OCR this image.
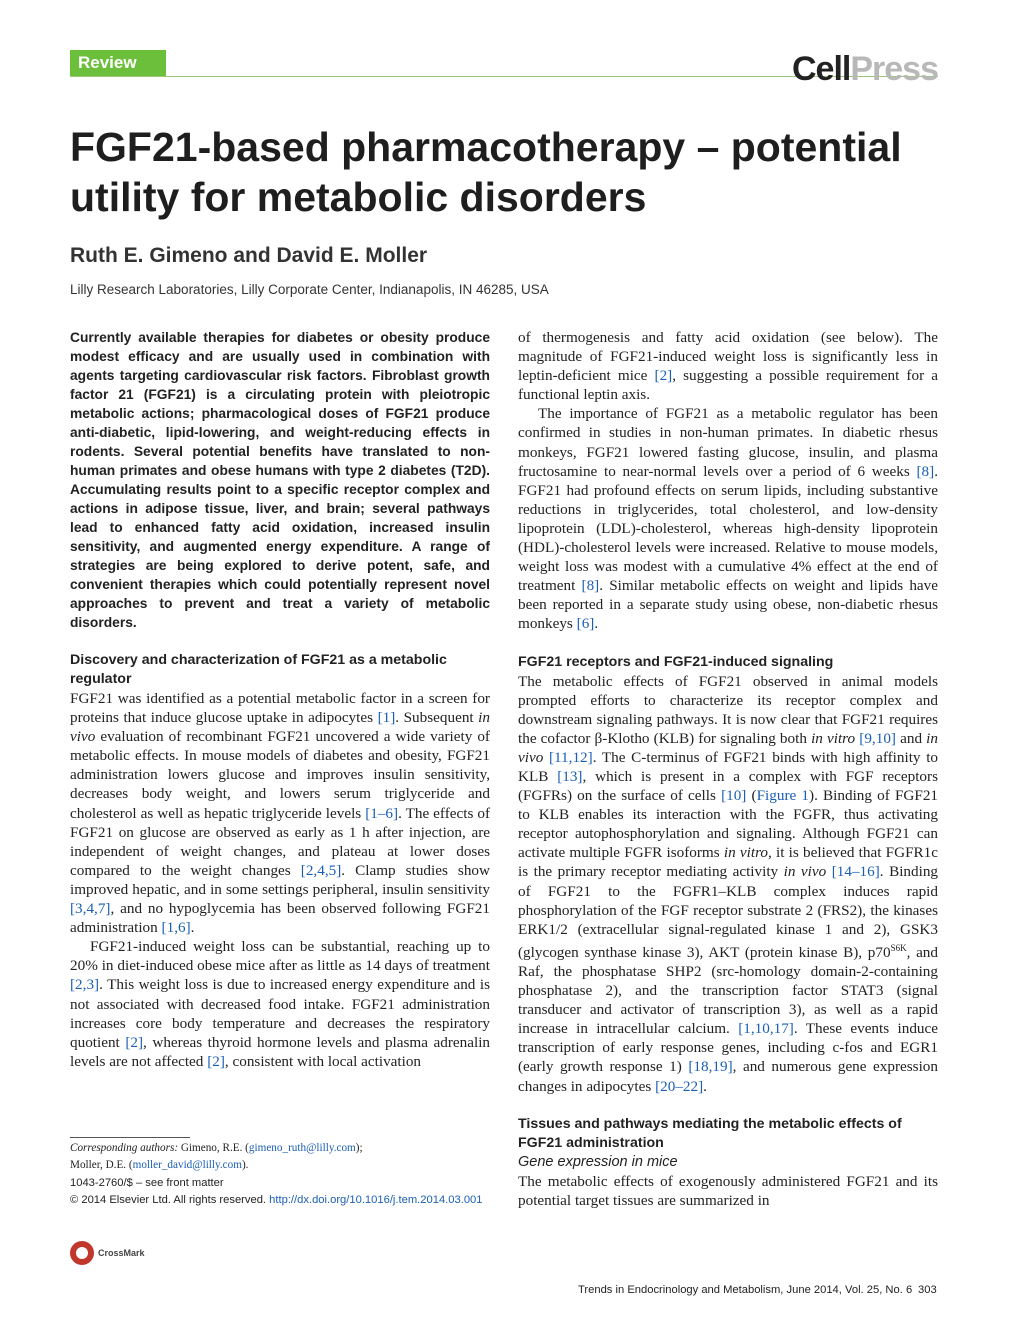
Review	CellPress
FGF21-based pharmacotherapy – potential utility for metabolic disorders
Ruth E. Gimeno and David E. Moller
Lilly Research Laboratories, Lilly Corporate Center, Indianapolis, IN 46285, USA

Currently available therapies for diabetes or obesity produce modest efficacy and are usually used in combination with agents targeting cardiovascular risk factors. Fibroblast growth factor 21 (FGF21) is a circulating protein with pleiotropic metabolic actions; pharmacological doses of FGF21 produce anti-diabetic, lipid-lowering, and weight-reducing effects in rodents. Several potential benefits have translated to non-human primates and obese humans with type 2 diabetes (T2D). Accumulating results point to a specific receptor complex and actions in adipose tissue, liver, and brain; several pathways lead to enhanced fatty acid oxidation, increased insulin sensitivity, and augmented energy expenditure. A range of strategies are being explored to derive potent, safe, and convenient therapies which could potentially represent novel approaches to prevent and treat a variety of metabolic disorders.

Discovery and characterization of FGF21 as a metabolic regulator

FGF21 was identified as a potential metabolic factor in a screen for proteins that induce glucose uptake in adipocytes [1]. Subsequent in vivo evaluation of recombinant FGF21 uncovered a wide variety of metabolic effects. In mouse models of diabetes and obesity, FGF21 administration lowers glucose and improves insulin sensitivity, decreases body weight, and lowers serum triglyceride and cholesterol as well as hepatic triglyceride levels [1–6]. The effects of FGF21 on glucose are observed as early as 1 h after injection, are independent of weight changes, and plateau at lower doses compared to the weight changes [2,4,5]. Clamp studies show improved hepatic, and in some settings peripheral, insulin sensitivity [3,4,7], and no hypoglycemia has been observed following FGF21 administration [1,6].

FGF21-induced weight loss can be substantial, reaching up to 20% in diet-induced obese mice after as little as 14 days of treatment [2,3]. This weight loss is due to increased energy expenditure and is not associated with decreased food intake. FGF21 administration increases core body temperature and decreases the respiratory quotient [2], whereas thyroid hormone levels and plasma adrenalin levels are not affected [2], consistent with local activation

Corresponding authors: Gimeno, R.E. (gimeno_ruth@lilly.com);
Moller, D.E. (moller_david@lilly.com).
1043-2760/$ – see front matter
© 2014 Elsevier Ltd. All rights reserved. http://dx.doi.org/10.1016/j.tem.2014.03.001
CrossMark

of thermogenesis and fatty acid oxidation (see below). The magnitude of FGF21-induced weight loss is significantly less in leptin-deficient mice [2], suggesting a possible requirement for a functional leptin axis.

The importance of FGF21 as a metabolic regulator has been confirmed in studies in non-human primates. In diabetic rhesus monkeys, FGF21 lowered fasting glucose, insulin, and plasma fructosamine to near-normal levels over a period of 6 weeks [8]. FGF21 had profound effects on serum lipids, including substantive reductions in triglycerides, total cholesterol, and low-density lipoprotein (LDL)-cholesterol, whereas high-density lipoprotein (HDL)-cholesterol levels were increased. Relative to mouse models, weight loss was modest with a cumulative 4% effect at the end of treatment [8]. Similar metabolic effects on weight and lipids have been reported in a separate study using obese, non-diabetic rhesus monkeys [6].

FGF21 receptors and FGF21-induced signaling

The metabolic effects of FGF21 observed in animal models prompted efforts to characterize its receptor complex and downstream signaling pathways. It is now clear that FGF21 requires the cofactor β-Klotho (KLB) for signaling both in vitro [9,10] and in vivo [11,12]. The C-terminus of FGF21 binds with high affinity to KLB [13], which is present in a complex with FGF receptors (FGFRs) on the surface of cells [10] (Figure 1). Binding of FGF21 to KLB enables its interaction with the FGFR, thus activating receptor autophosphorylation and signaling. Although FGF21 can activate multiple FGFR isoforms in vitro, it is believed that FGFR1c is the primary receptor mediating activity in vivo [14–16]. Binding of FGF21 to the FGFR1–KLB complex induces rapid phosphorylation of the FGF receptor substrate 2 (FRS2), the kinases ERK1/2 (extracellular signal-regulated kinase 1 and 2), GSK3 (glycogen synthase kinase 3), AKT (protein kinase B), $p70^{S6K}$, and Raf, the phosphatase SHP2 (src-homology domain-2-containing phosphatase 2), and the transcription factor STAT3 (signal transducer and activator of transcription 3), as well as a rapid increase in intracellular calcium. [1,10,17]. These events induce transcription of early response genes, including c-fos and EGR1 (early growth response 1) [18,19], and numerous gene expression changes in adipocytes [20–22].

Tissues and pathways mediating the metabolic effects of FGF21 administration
Gene expression in mice

The metabolic effects of exogenously administered FGF21 and its potential target tissues are summarized in

Trends in Endocrinology and Metabolism, June 2014, Vol. 25, No. 6 303
